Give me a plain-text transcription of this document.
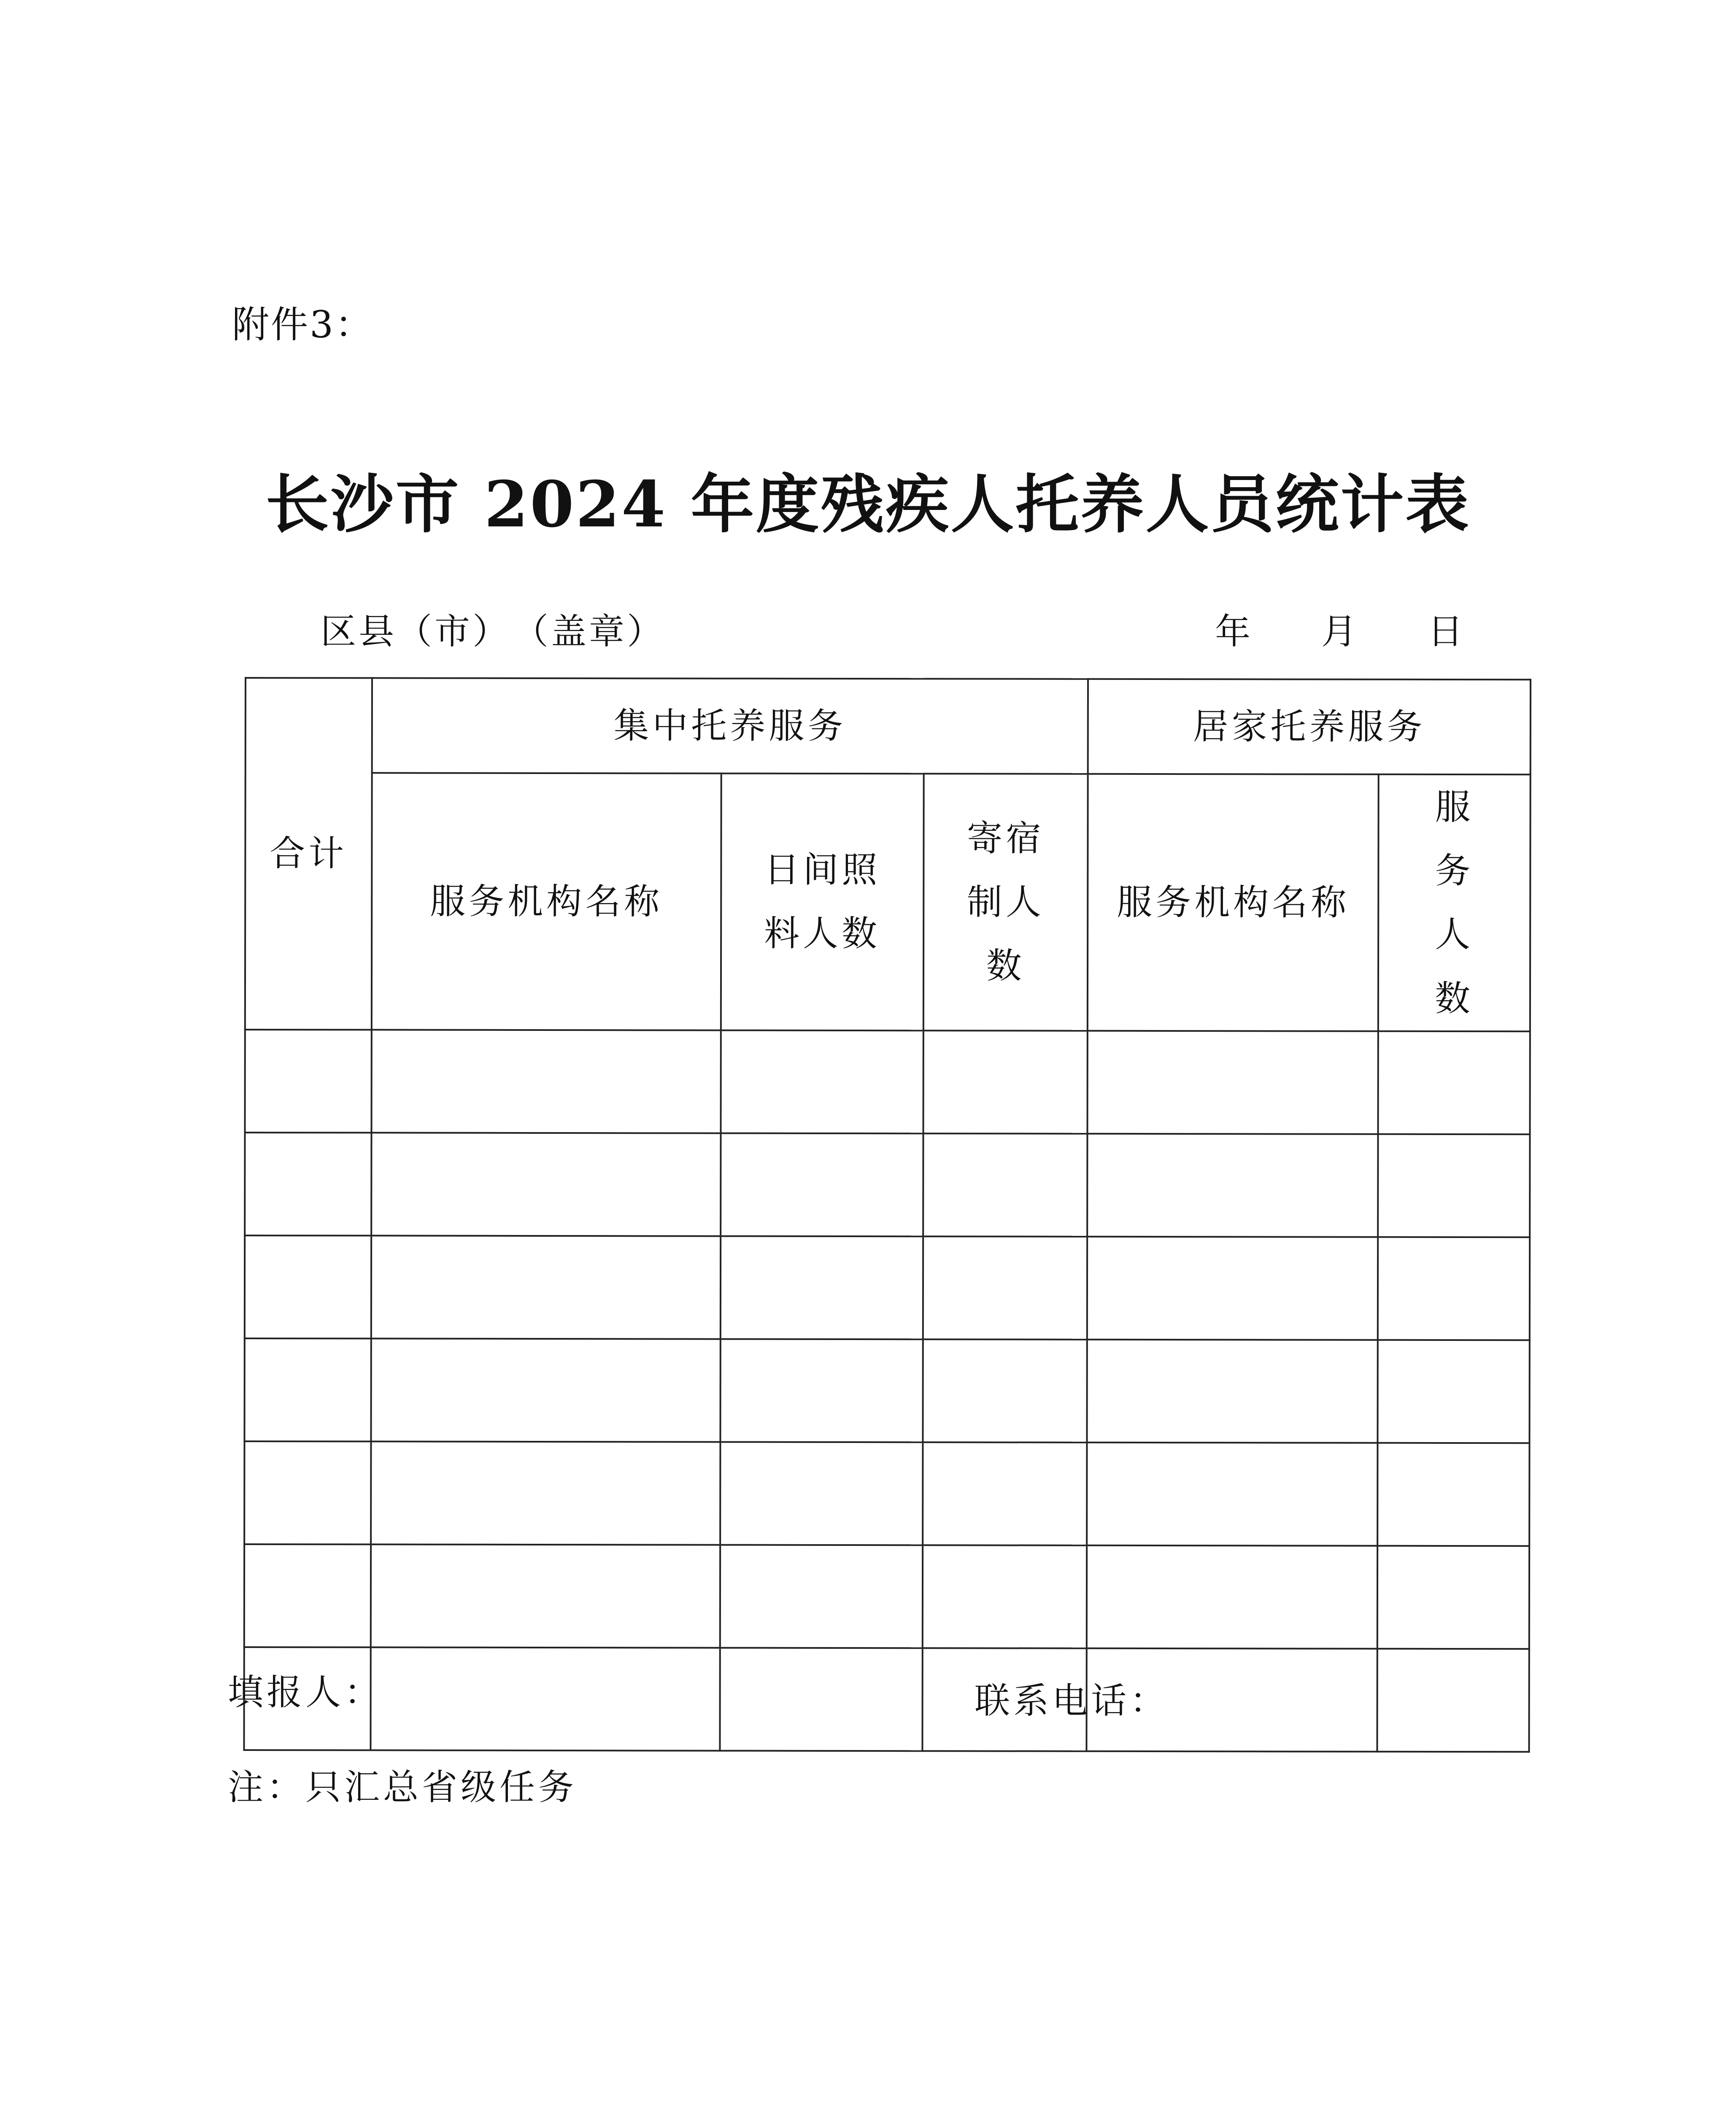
附件3：
长沙市 2024 年度残疾人托养人员统计表
区县（市）　（盖章）	年　　月　　日
合计	集中托养服务			居家托养服务	
	服务机构名称	日间照料人数	寄宿制人数	服务机构名称	服务人数

填报人：	联系电话：
注：只汇总省级任务
